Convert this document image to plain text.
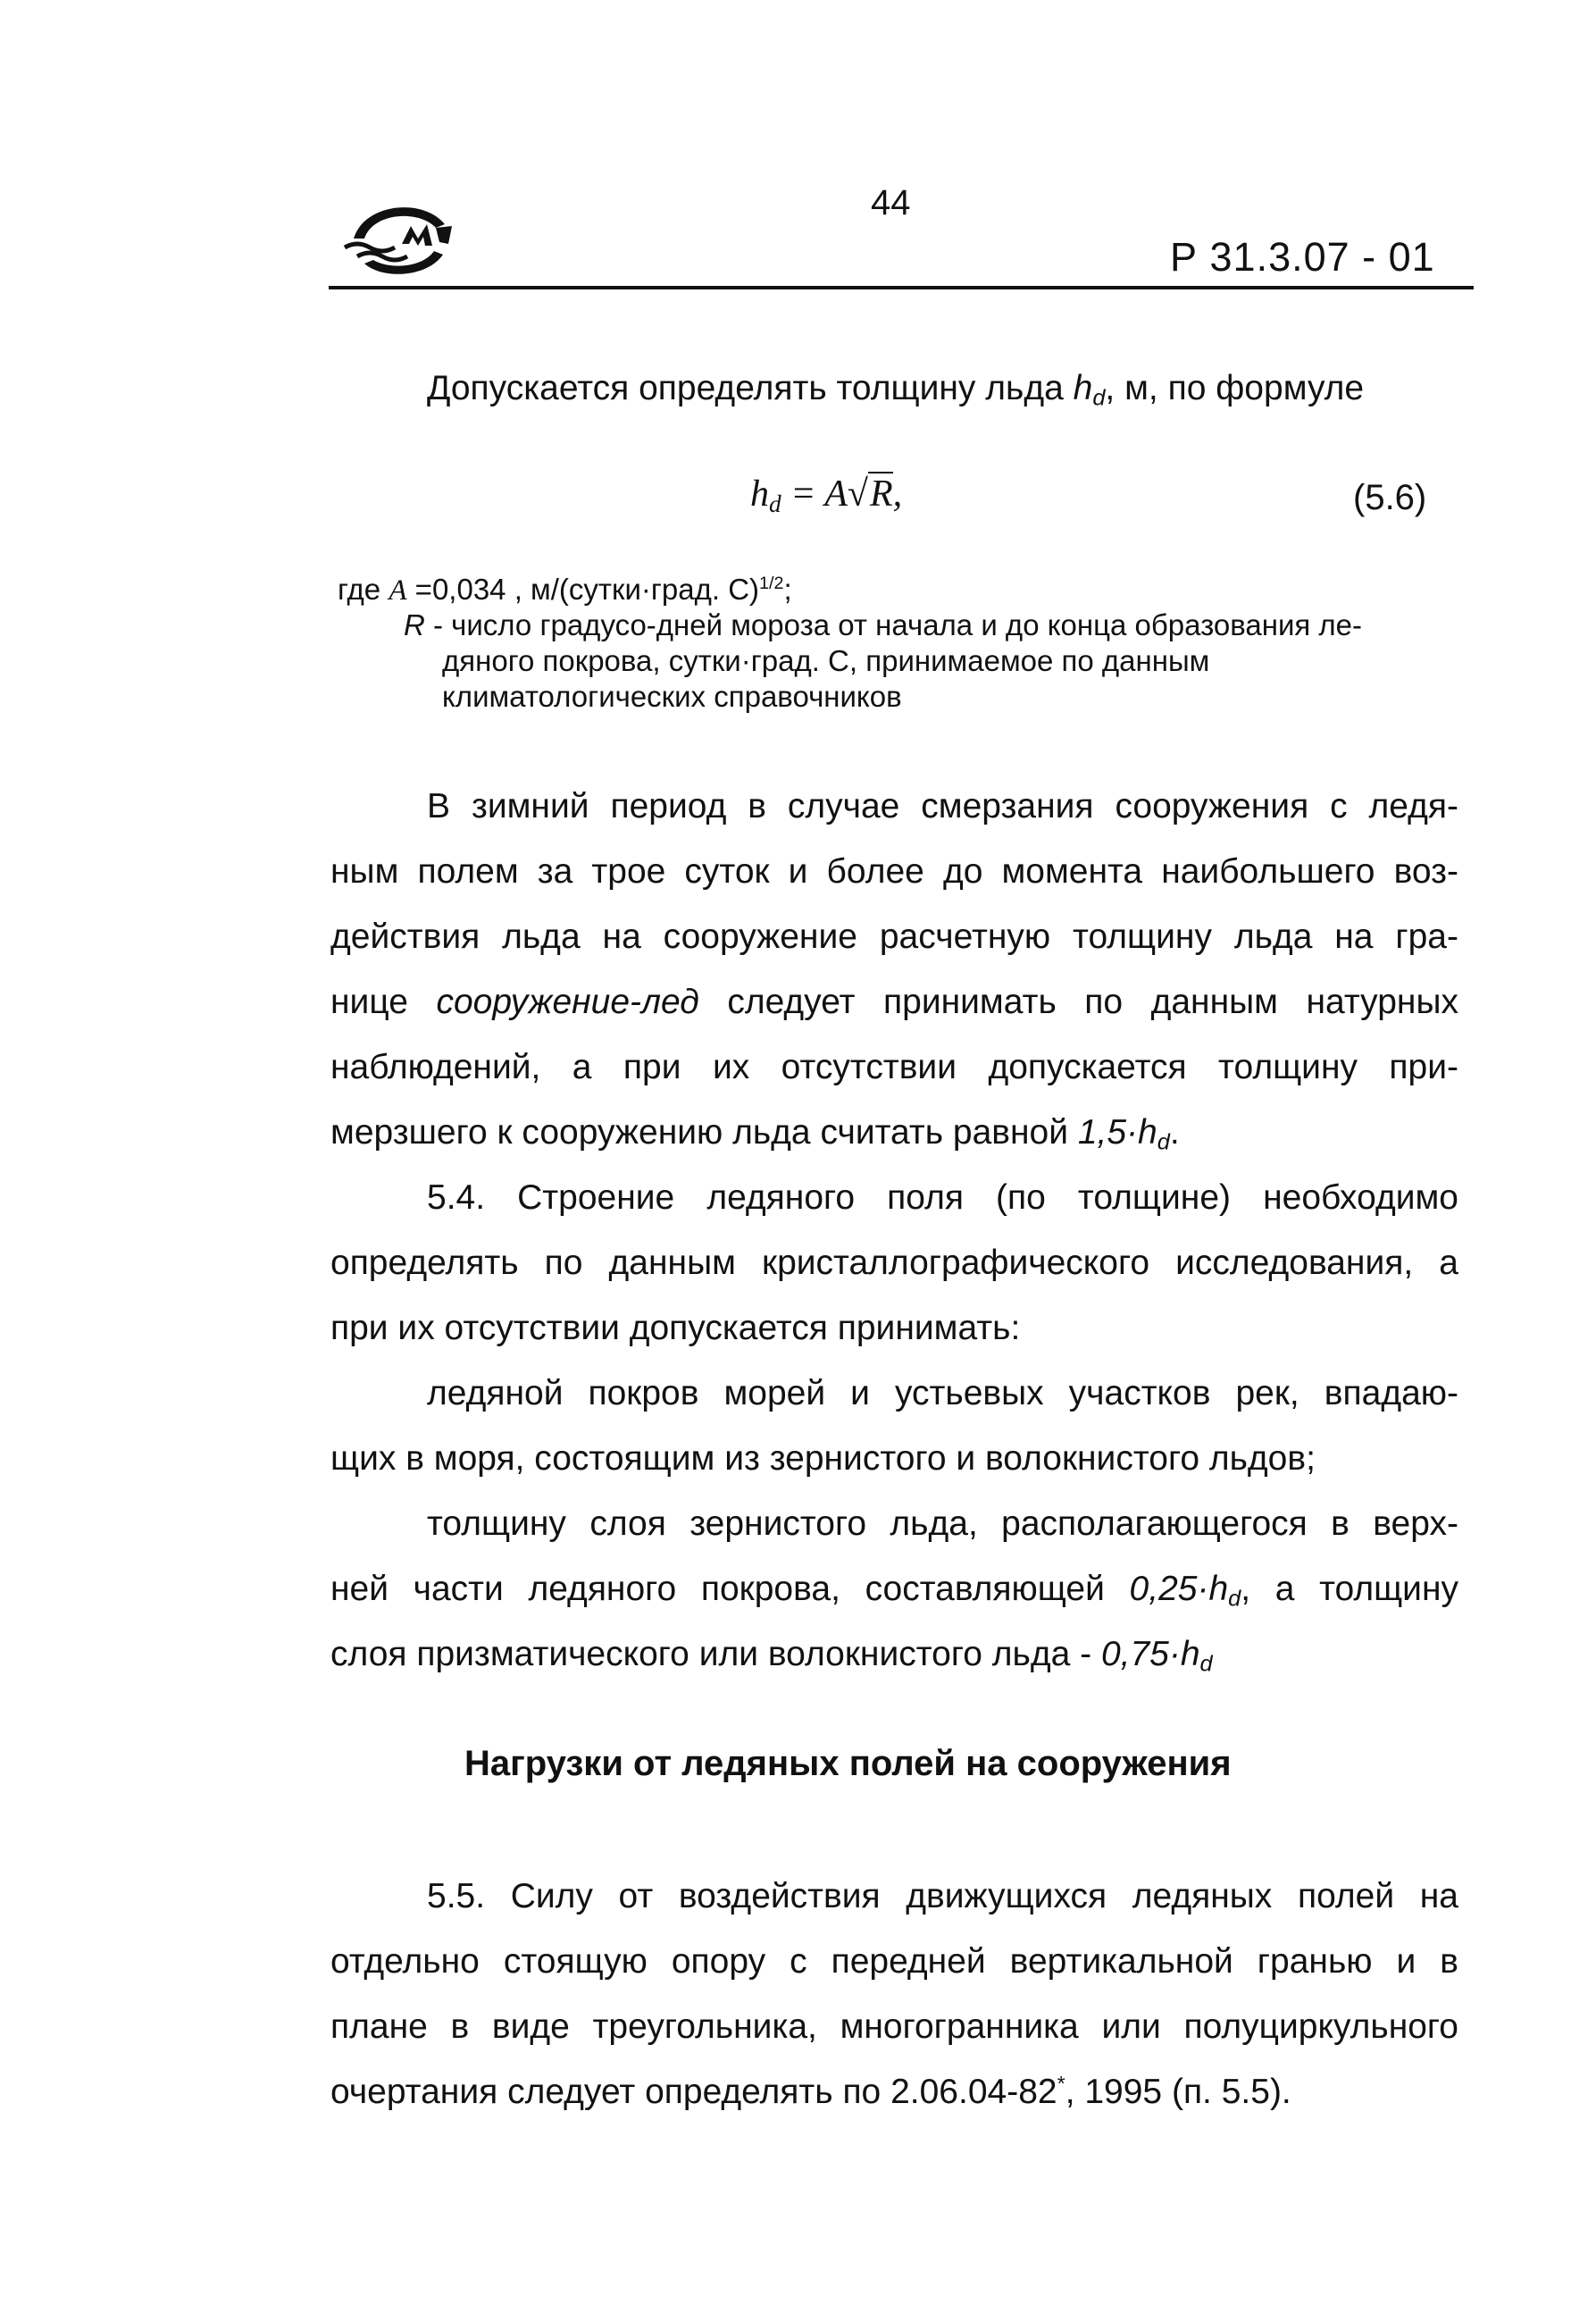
44
Р 31.3.07 - 01
Допускается определять толщину льда $h_d$, м, по формуле
$h_d = A√R$,	(5.6)
где A =0,034 , м/(сутки·град. С)$^{1/2}$;
R - число градусо-дней мороза от начала и до конца образования ле-
дяного покрова, сутки·град. С, принимаемое по данным
климатологических справочников
В зимний период в случае смерзания сооружения с ледя-
ным полем за трое суток и более до момента наибольшего воз-
действия льда на сооружение расчетную толщину льда на гра-
нице сооружение-лед следует принимать по данным натурных
наблюдений, а при их отсутствии допускается толщину при-
мерзшего к сооружению льда считать равной $1,5\cdot h_d$.
5.4. Строение ледяного поля (по толщине) необходимо
определять по данным кристаллографического исследования, а
при их отсутствии допускается принимать:
ледяной покров морей и устьевых участков рек, впадаю-
щих в моря, состоящим из зернистого и волокнистого льдов;
толщину слоя зернистого льда, располагающегося в верх-
ней части ледяного покрова, составляющей $0,25\cdot h_d$, а толщину
слоя призматического или волокнистого льда - $0,75\cdot h_d$
Нагрузки от ледяных полей на сооружения
5.5. Силу от воздействия движущихся ледяных полей на
отдельно стоящую опору с передней вертикальной гранью и в
плане в виде треугольника, многогранника или полуциркульного
очертания следует определять по 2.06.04-82*, 1995 (п. 5.5).
